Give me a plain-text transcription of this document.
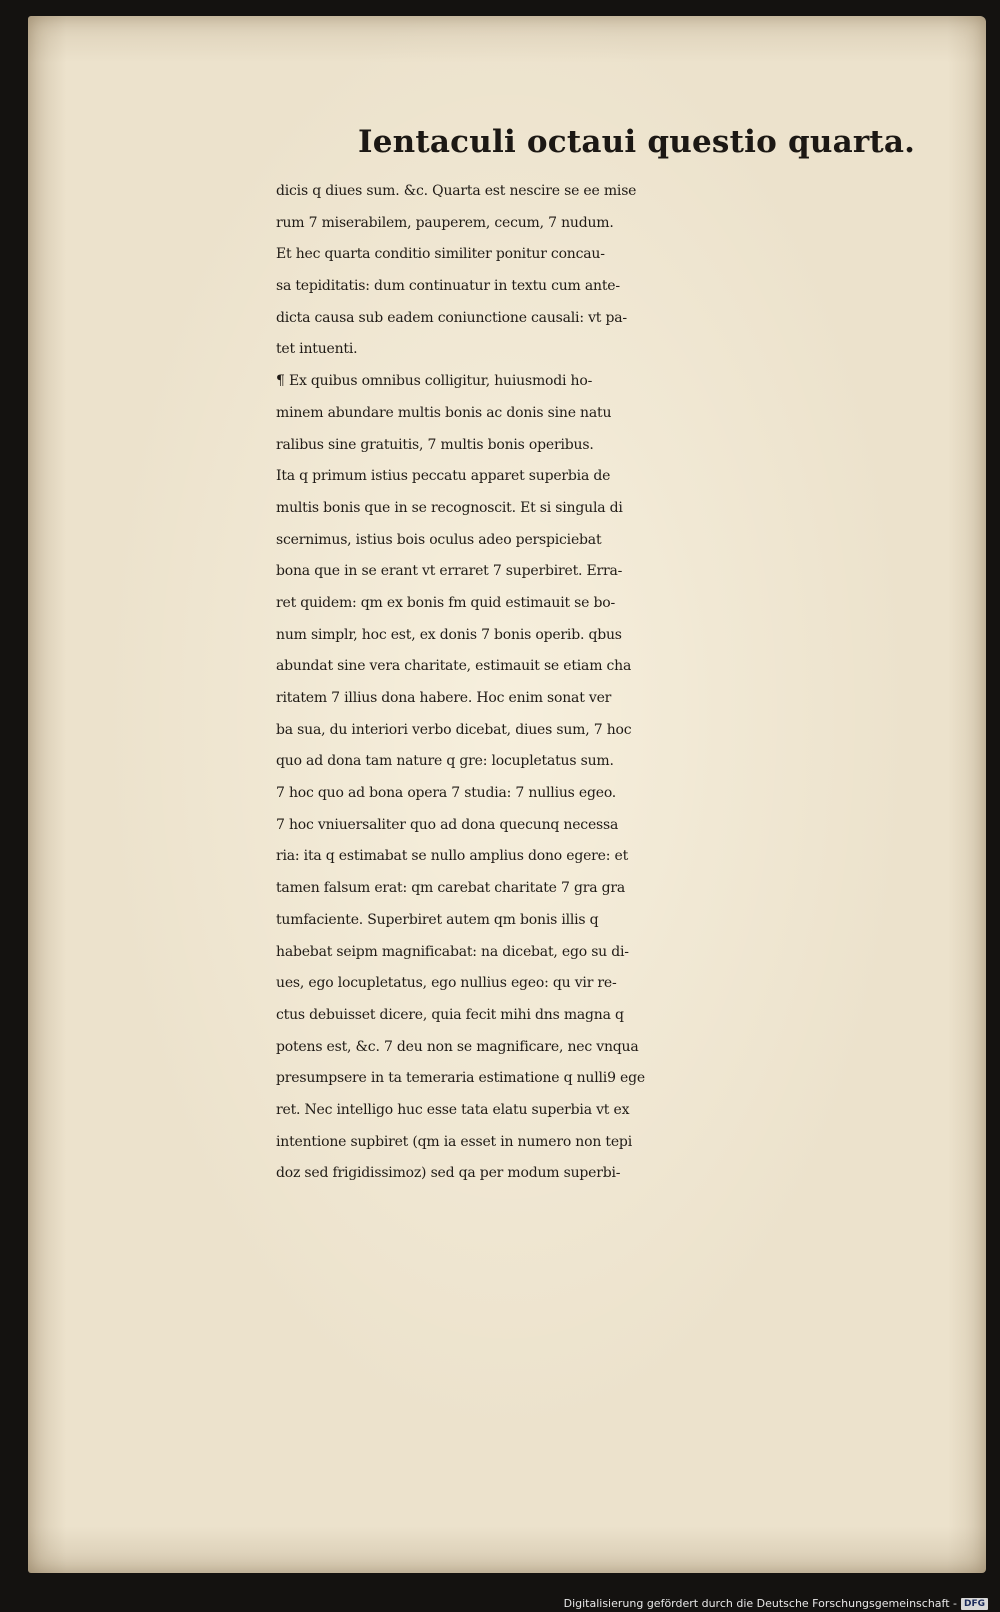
Ientaculi octaui questio quarta.
dicis q diues sum. &c. Quarta est nescire se ee mise
rum 7 miserabilem, pauperem, cecum, 7 nudum.
Et hec quarta conditio similiter ponitur concau-
sa tepiditatis: dum continuatur in textu cum ante-
dicta causa sub eadem coniunctione causali: vt pa-
tet intuenti.
¶ Ex quibus omnibus colligitur, huiusmodi ho-
minem abundare multis bonis ac donis sine natu
ralibus sine gratuitis, 7 multis bonis operibus.
Ita q primum istius peccatu apparet superbia de
multis bonis que in se recognoscit. Et si singula di
scernimus, istius bois oculus adeo perspiciebat
bona que in se erant vt erraret 7 superbiret. Erra-
ret quidem: qm ex bonis fm quid estimauit se bo-
num simplr, hoc est, ex donis 7 bonis operib. qbus
abundat sine vera charitate, estimauit se etiam cha
ritatem 7 illius dona habere. Hoc enim sonat ver
ba sua, du interiori verbo dicebat, diues sum, 7 hoc
quo ad dona tam nature q gre: locupletatus sum.
7 hoc quo ad bona opera 7 studia: 7 nullius egeo.
7 hoc vniuersaliter quo ad dona quecunq necessa
ria: ita q estimabat se nullo amplius dono egere: et
tamen falsum erat: qm carebat charitate 7 gra gra
tumfaciente. Superbiret autem qm bonis illis q
habebat seipm magnificabat: na dicebat, ego su di-
ues, ego locupletatus, ego nullius egeo: qu vir re-
ctus debuisset dicere, quia fecit mihi dns magna q
potens est, &c. 7 deu non se magnificare, nec vnqua
presumpsere in ta temeraria estimatione q nulli9 ege
ret. Nec intelligo huc esse tata elatu superbia vt ex
intentione supbiret (qm ia esset in numero non tepi
doz sed frigidissimoz) sed qa per modum superbi-
Digitalisierung gefördert durch die Deutsche Forschungsgemeinschaft - DFG
